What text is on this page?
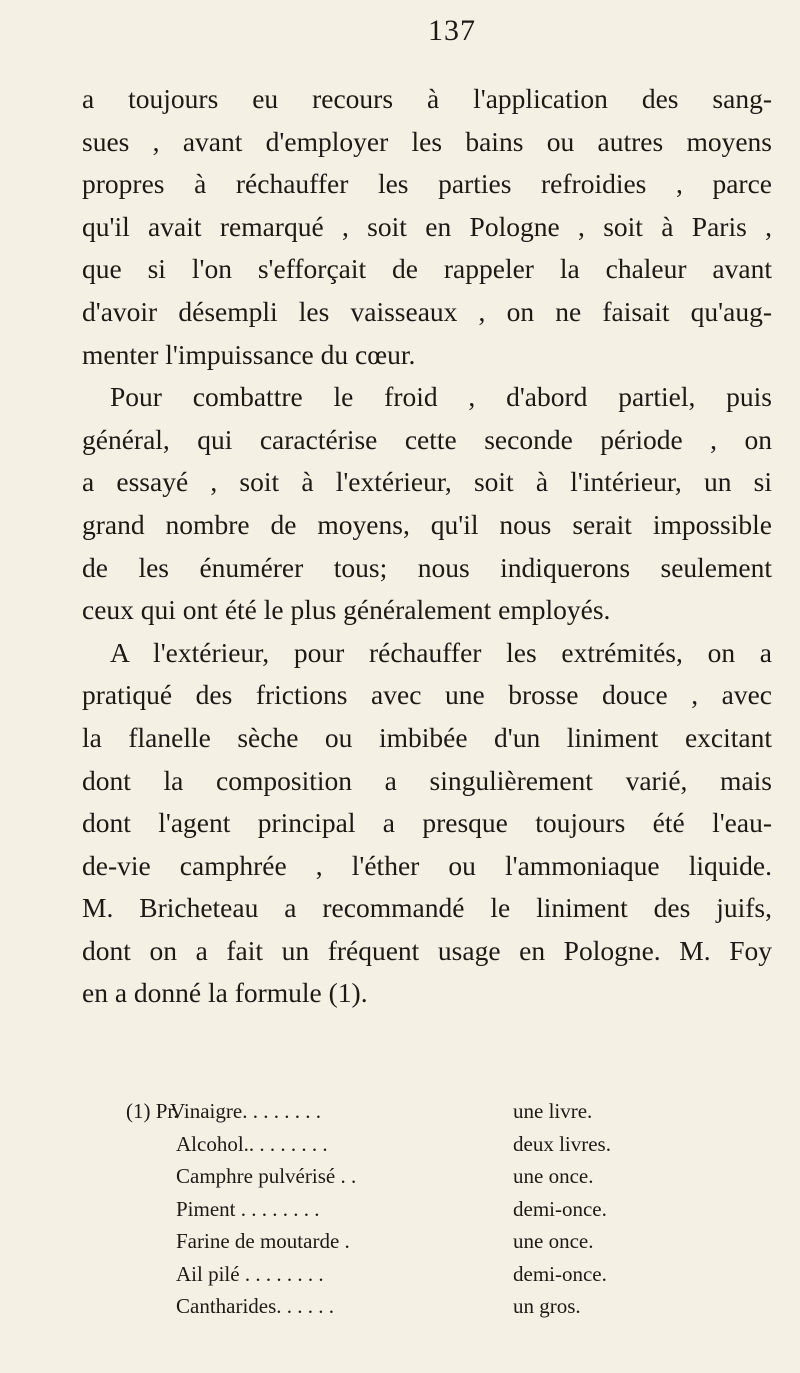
137
a toujours eu recours à l'application des sang-
sues , avant d'employer les bains ou autres moyens
propres à réchauffer les parties refroidies , parce
qu'il avait remarqué , soit en Pologne , soit à Paris ,
que si l'on s'efforçait de rappeler la chaleur avant
d'avoir désempli les vaisseaux , on ne faisait qu'aug-
menter l'impuissance du cœur.
Pour combattre le froid , d'abord partiel, puis
général, qui caractérise cette seconde période , on
a essayé , soit à l'extérieur, soit à l'intérieur, un si
grand nombre de moyens, qu'il nous serait impossible
de les énumérer tous; nous indiquerons seulement
ceux qui ont été le plus généralement employés.
A l'extérieur, pour réchauffer les extrémités, on a
pratiqué des frictions avec une brosse douce , avec
la flanelle sèche ou imbibée d'un liniment excitant
dont la composition a singulièrement varié, mais
dont l'agent principal a presque toujours été l'eau-
de-vie camphrée , l'éther ou l'ammoniaque liquide.
M. Bricheteau a recommandé le liniment des juifs,
dont on a fait un fréquent usage en Pologne. M. Foy
en a donné la formule (1).
(1) Pr.
Vinaigre. . . . . . . .	une livre.
Alcohol.. . . . . . . .	deux livres.
Camphre pulvérisé . .	une once.
Piment . . . . . . . .	demi-once.
Farine de moutarde .	une once.
Ail pilé . . . . . . . .	demi-once.
Cantharides. . . . . .	un gros.
